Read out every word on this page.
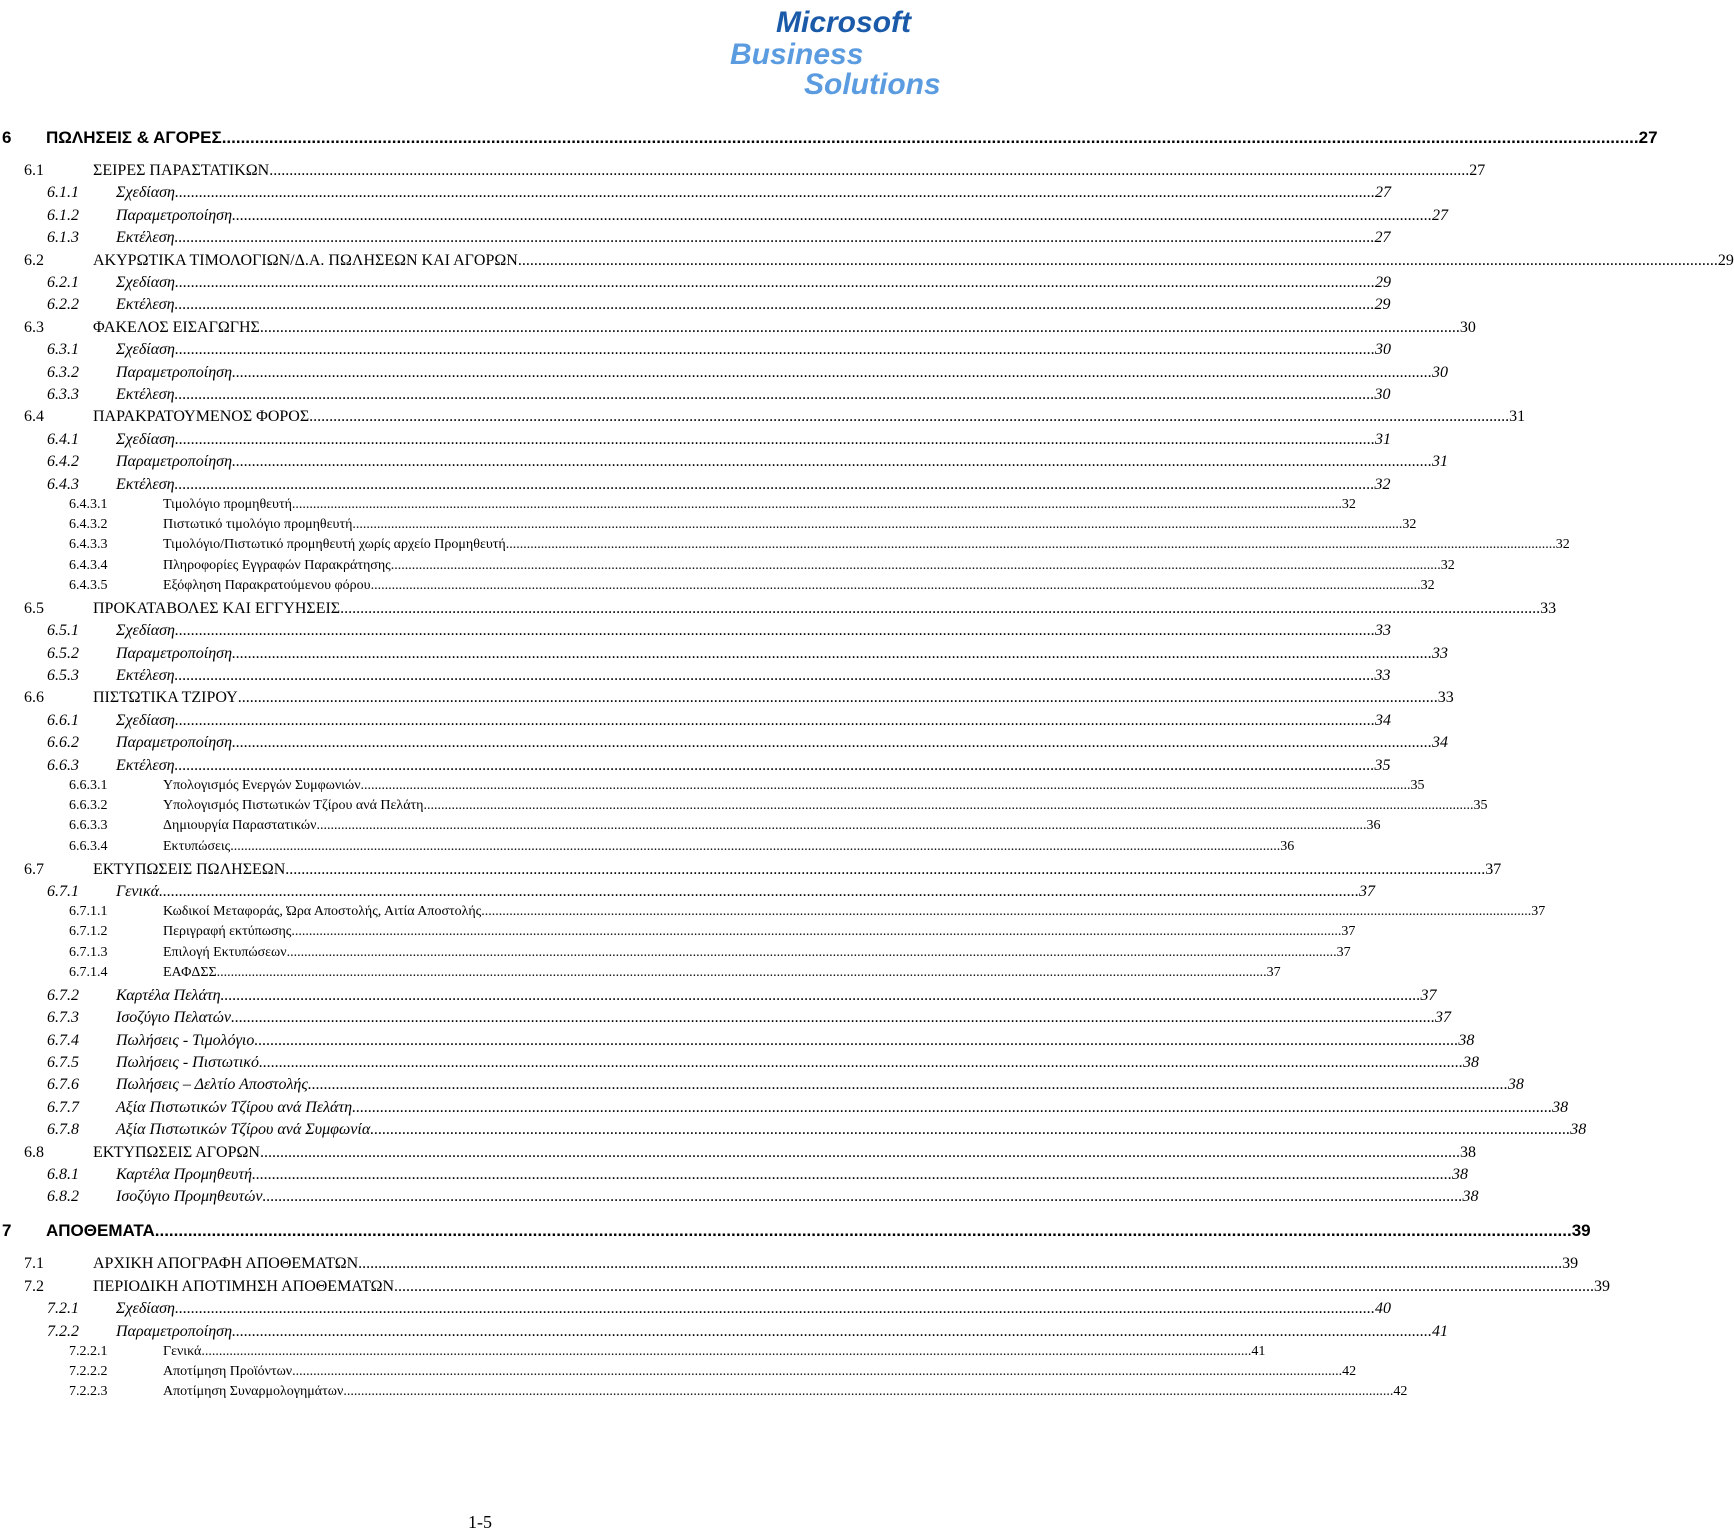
Microsoft
Business
Solutions
6 ΠΩΛΗΣΕΙΣ & ΑΓΟΡΕΣ ............................................................................................................................................................................................................................................................................................................ 27
6.1	ΣΕΙΡΕΣ ΠΑΡΑΣΤΑΤΙΚΩΝ ............................................................................................................................................................................................................................................................................................................ 27
6.1.1 Σχεδίαση ............................................................................................................................................................................................................................................................................................................ 27
6.1.2 Παραμετροποίηση ............................................................................................................................................................................................................................................................................................................ 27
6.1.3 Εκτέλεση ............................................................................................................................................................................................................................................................................................................ 27
6.2	ΑΚΥΡΩΤΙΚΑ ΤΙΜΟΛΟΓΙΩΝ/Δ.Α. ΠΩΛΗΣΕΩΝ ΚΑΙ ΑΓΟΡΩΝ ............................................................................................................................................................................................................................................................................................................ 29
6.2.1 Σχεδίαση ............................................................................................................................................................................................................................................................................................................ 29
6.2.2 Εκτέλεση ............................................................................................................................................................................................................................................................................................................ 29
6.3	ΦΑΚΕΛΟΣ ΕΙΣΑΓΩΓΗΣ ............................................................................................................................................................................................................................................................................................................ 30
6.3.1 Σχεδίαση ............................................................................................................................................................................................................................................................................................................ 30
6.3.2 Παραμετροποίηση ............................................................................................................................................................................................................................................................................................................ 30
6.3.3 Εκτέλεση ............................................................................................................................................................................................................................................................................................................ 30
6.4	ΠΑΡΑΚΡΑΤΟΥΜΕΝΟΣ ΦΟΡΟΣ ............................................................................................................................................................................................................................................................................................................ 31
6.4.1 Σχεδίαση ............................................................................................................................................................................................................................................................................................................ 31
6.4.2 Παραμετροποίηση ............................................................................................................................................................................................................................................................................................................ 31
6.4.3 Εκτέλεση ............................................................................................................................................................................................................................................................................................................ 32
6.4.3.1	Τιμολόγιο προμηθευτή ............................................................................................................................................................................................................................................................................................................ 32
6.4.3.2	Πιστωτικό τιμολόγιο προμηθευτή ............................................................................................................................................................................................................................................................................................................ 32
6.4.3.3	Τιμολόγιο/Πιστωτικό προμηθευτή χωρίς αρχείο Προμηθευτή ............................................................................................................................................................................................................................................................................................................ 32
6.4.3.4	Πληροφορίες Εγγραφών Παρακράτησης ............................................................................................................................................................................................................................................................................................................ 32
6.4.3.5	Εξόφληση Παρακρατούμενου φόρου ............................................................................................................................................................................................................................................................................................................ 32
6.5	ΠΡΟΚΑΤΑΒΟΛΕΣ ΚΑΙ ΕΓΓΥΗΣΕΙΣ ............................................................................................................................................................................................................................................................................................................ 33
6.5.1 Σχεδίαση ............................................................................................................................................................................................................................................................................................................ 33
6.5.2 Παραμετροποίηση ............................................................................................................................................................................................................................................................................................................ 33
6.5.3 Εκτέλεση ............................................................................................................................................................................................................................................................................................................ 33
6.6	ΠΙΣΤΩΤΙΚΑ ΤΖΙΡΟΥ ............................................................................................................................................................................................................................................................................................................ 33
6.6.1 Σχεδίαση ............................................................................................................................................................................................................................................................................................................ 34
6.6.2 Παραμετροποίηση ............................................................................................................................................................................................................................................................................................................ 34
6.6.3 Εκτέλεση ............................................................................................................................................................................................................................................................................................................ 35
6.6.3.1	Υπολογισμός Ενεργών Συμφωνιών ............................................................................................................................................................................................................................................................................................................ 35
6.6.3.2	Υπολογισμός Πιστωτικών Τζίρου ανά Πελάτη ............................................................................................................................................................................................................................................................................................................ 35
6.6.3.3	Δημιουργία Παραστατικών ............................................................................................................................................................................................................................................................................................................ 36
6.6.3.4	Εκτυπώσεις ............................................................................................................................................................................................................................................................................................................ 36
6.7	ΕΚΤΥΠΩΣΕΙΣ ΠΩΛΗΣΕΩΝ ............................................................................................................................................................................................................................................................................................................ 37
6.7.1 Γενικά ............................................................................................................................................................................................................................................................................................................ 37
6.7.1.1	Κωδικοί Μεταφοράς, Ώρα Αποστολής, Αιτία Αποστολής ............................................................................................................................................................................................................................................................................................................ 37
6.7.1.2	Περιγραφή εκτύπωσης ............................................................................................................................................................................................................................................................................................................ 37
6.7.1.3	Επιλογή Εκτυπώσεων ............................................................................................................................................................................................................................................................................................................ 37
6.7.1.4	ΕΑΦΔΣΣ ............................................................................................................................................................................................................................................................................................................ 37
6.7.2 Καρτέλα Πελάτη ............................................................................................................................................................................................................................................................................................................ 37
6.7.3 Ισοζύγιο Πελατών. ............................................................................................................................................................................................................................................................................................................ 37
6.7.4 Πωλήσεις - Τιμολόγιο. ............................................................................................................................................................................................................................................................................................................ 38
6.7.5 Πωλήσεις - Πιστωτικό. ............................................................................................................................................................................................................................................................................................................ 38
6.7.6 Πωλήσεις – Δελτίο Αποστολής ............................................................................................................................................................................................................................................................................................................ 38
6.7.7 Αξία Πιστωτικών Τζίρου ανά Πελάτη ............................................................................................................................................................................................................................................................................................................ 38
6.7.8 Αξία Πιστωτικών Τζίρου ανά Συμφωνία ............................................................................................................................................................................................................................................................................................................ 38
6.8	ΕΚΤΥΠΩΣΕΙΣ ΑΓΟΡΩΝ ............................................................................................................................................................................................................................................................................................................ 38
6.8.1 Καρτέλα Προμηθευτή ............................................................................................................................................................................................................................................................................................................ 38
6.8.2 Ισοζύγιο Προμηθευτών ............................................................................................................................................................................................................................................................................................................ 38
7 ΑΠΟΘΕΜΑΤΑ ............................................................................................................................................................................................................................................................................................................ 39
7.1	ΑΡΧΙΚΗ ΑΠΟΓΡΑΦΗ ΑΠΟΘΕΜΑΤΩΝ. ............................................................................................................................................................................................................................................................................................................ 39
7.2	ΠΕΡΙΟΔΙΚΗ ΑΠΟΤΙΜΗΣΗ ΑΠΟΘΕΜΑΤΩΝ ............................................................................................................................................................................................................................................................................................................ 39
7.2.1 Σχεδίαση ............................................................................................................................................................................................................................................................................................................ 40
7.2.2 Παραμετροποίηση ............................................................................................................................................................................................................................................................................................................ 41
7.2.2.1	Γενικά ............................................................................................................................................................................................................................................................................................................ 41
7.2.2.2	Αποτίμηση Προϊόντων ............................................................................................................................................................................................................................................................................................................ 42
7.2.2.3	Αποτίμηση Συναρμολογημάτων ............................................................................................................................................................................................................................................................................................................ 42
1-5
